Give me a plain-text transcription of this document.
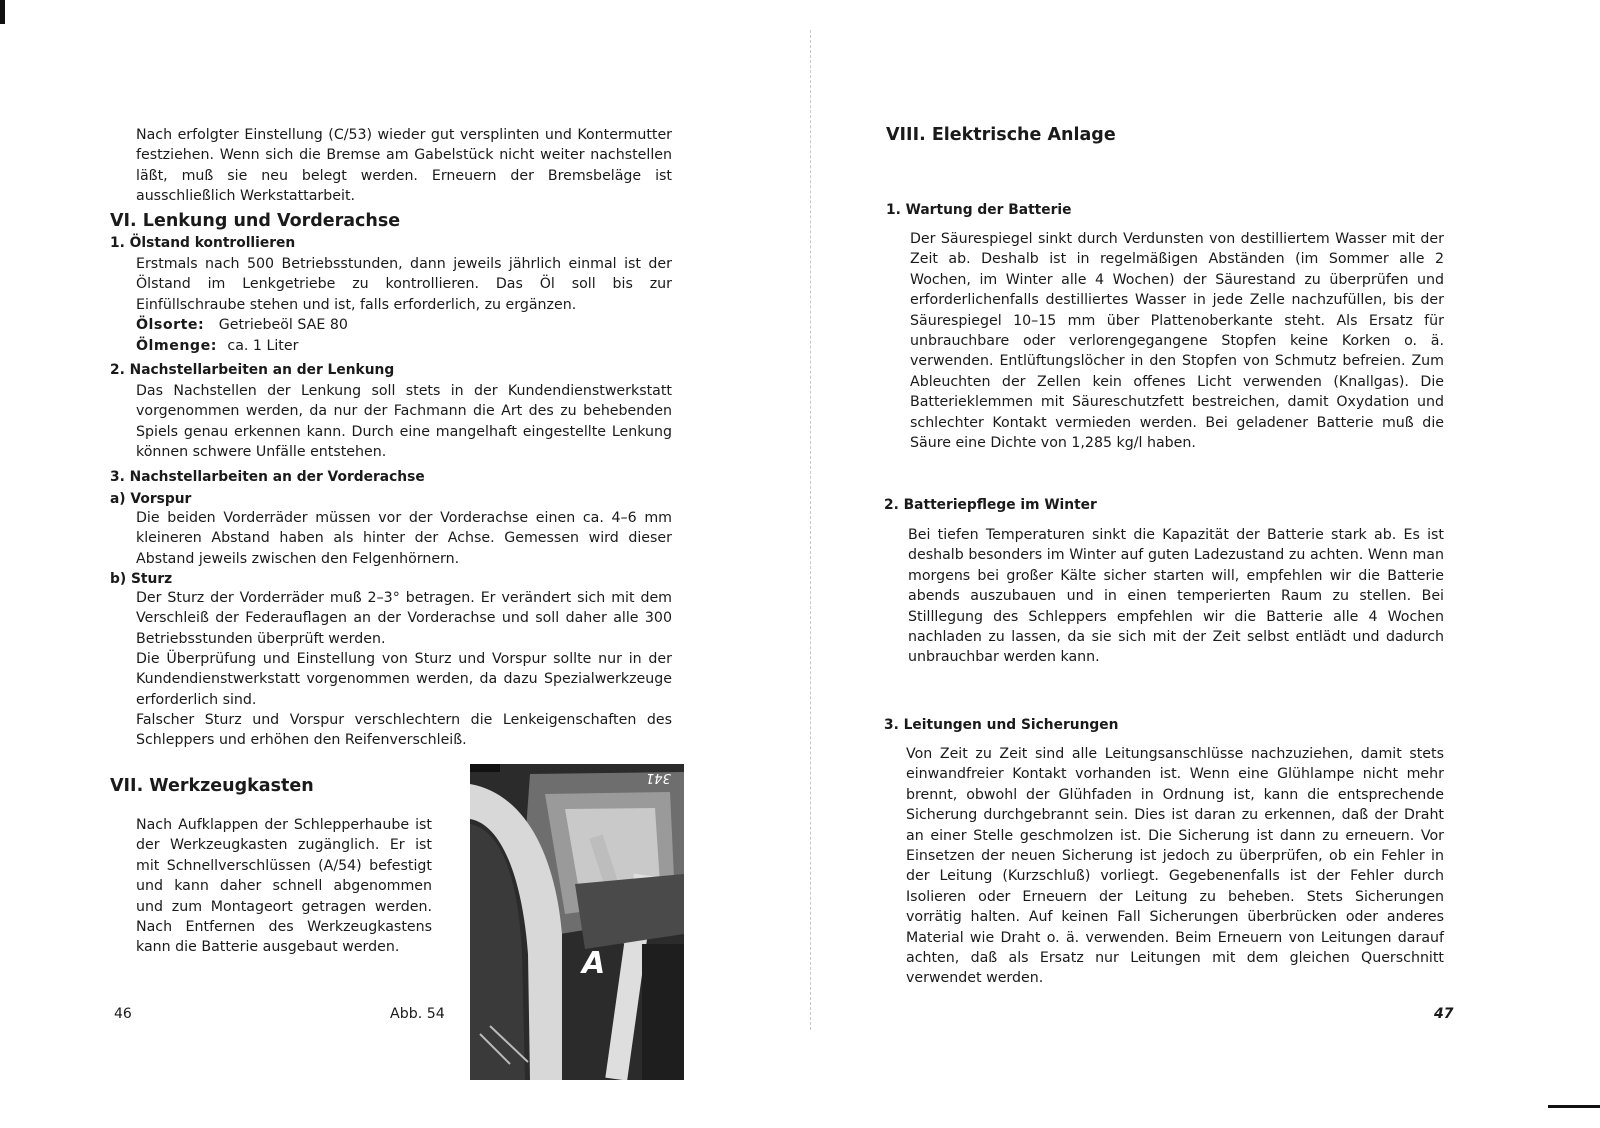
Nach erfolgter Einstellung (C/53) wieder gut versplinten und Kontermutter festziehen. Wenn sich die Bremse am Gabelstück nicht weiter nachstellen läßt, muß sie neu belegt werden. Erneuern der Bremsbeläge ist ausschließlich Werkstattarbeit.
VI. Lenkung und Vorderachse
1. Ölstand kontrollieren
Erstmals nach 500 Betriebsstunden, dann jeweils jährlich einmal ist der Ölstand im Lenkgetriebe zu kontrollieren. Das Öl soll bis zur Einfüllschraube stehen und ist, falls erforderlich, zu ergänzen.
Ölsorte: Getriebeöl SAE 80
Ölmenge: ca. 1 Liter
2. Nachstellarbeiten an der Lenkung
Das Nachstellen der Lenkung soll stets in der Kundendienstwerkstatt vorgenommen werden, da nur der Fachmann die Art des zu behebenden Spiels genau erkennen kann. Durch eine mangelhaft eingestellte Lenkung können schwere Unfälle entstehen.
3. Nachstellarbeiten an der Vorderachse
a) Vorspur
Die beiden Vorderräder müssen vor der Vorderachse einen ca. 4–6 mm kleineren Abstand haben als hinter der Achse. Gemessen wird dieser Abstand jeweils zwischen den Felgenhörnern.
b) Sturz
Der Sturz der Vorderräder muß 2–3° betragen. Er verändert sich mit dem Verschleiß der Federauflagen an der Vorderachse und soll daher alle 300 Betriebsstunden überprüft werden.
Die Überprüfung und Einstellung von Sturz und Vorspur sollte nur in der Kundendienstwerkstatt vorgenommen werden, da dazu Spezialwerkzeuge erforderlich sind.
Falscher Sturz und Vorspur verschlechtern die Lenkeigenschaften des Schleppers und erhöhen den Reifenverschleiß.
VII. Werkzeugkasten
Nach Aufklappen der Schlepperhaube ist der Werkzeugkasten zugänglich. Er ist mit Schnellverschlüssen (A/54) befestigt und kann daher schnell abgenommen und zum Montageort getragen werden. Nach Entfernen des Werkzeugkastens kann die Batterie ausgebaut werden.
46	Abb. 54
341
A
VIII. Elektrische Anlage
1. Wartung der Batterie
Der Säurespiegel sinkt durch Verdunsten von destilliertem Wasser mit der Zeit ab. Deshalb ist in regelmäßigen Abständen (im Sommer alle 2 Wochen, im Winter alle 4 Wochen) der Säurestand zu überprüfen und erforderlichenfalls destilliertes Wasser in jede Zelle nachzufüllen, bis der Säurespiegel 10–15 mm über Plattenoberkante steht. Als Ersatz für unbrauchbare oder verlorengegangene Stopfen keine Korken o. ä. verwenden. Entlüftungslöcher in den Stopfen von Schmutz befreien. Zum Ableuchten der Zellen kein offenes Licht verwenden (Knallgas). Die Batterieklemmen mit Säureschutzfett bestreichen, damit Oxydation und schlechter Kontakt vermieden werden. Bei geladener Batterie muß die Säure eine Dichte von 1,285 kg/l haben.
2. Batteriepflege im Winter
Bei tiefen Temperaturen sinkt die Kapazität der Batterie stark ab. Es ist deshalb besonders im Winter auf guten Ladezustand zu achten. Wenn man morgens bei großer Kälte sicher starten will, empfehlen wir die Batterie abends auszubauen und in einen temperierten Raum zu stellen. Bei Stilllegung des Schleppers empfehlen wir die Batterie alle 4 Wochen nachladen zu lassen, da sie sich mit der Zeit selbst entlädt und dadurch unbrauchbar werden kann.
3. Leitungen und Sicherungen
Von Zeit zu Zeit sind alle Leitungsanschlüsse nachzuziehen, damit stets einwandfreier Kontakt vorhanden ist. Wenn eine Glühlampe nicht mehr brennt, obwohl der Glühfaden in Ordnung ist, kann die entsprechende Sicherung durchgebrannt sein. Dies ist daran zu erkennen, daß der Draht an einer Stelle geschmolzen ist. Die Sicherung ist dann zu erneuern. Vor Einsetzen der neuen Sicherung ist jedoch zu überprüfen, ob ein Fehler in der Leitung (Kurzschluß) vorliegt. Gegebenenfalls ist der Fehler durch Isolieren oder Erneuern der Leitung zu beheben. Stets Sicherungen vorrätig halten. Auf keinen Fall Sicherungen überbrücken oder anderes Material wie Draht o. ä. verwenden. Beim Erneuern von Leitungen darauf achten, daß als Ersatz nur Leitungen mit dem gleichen Querschnitt verwendet werden.
47
